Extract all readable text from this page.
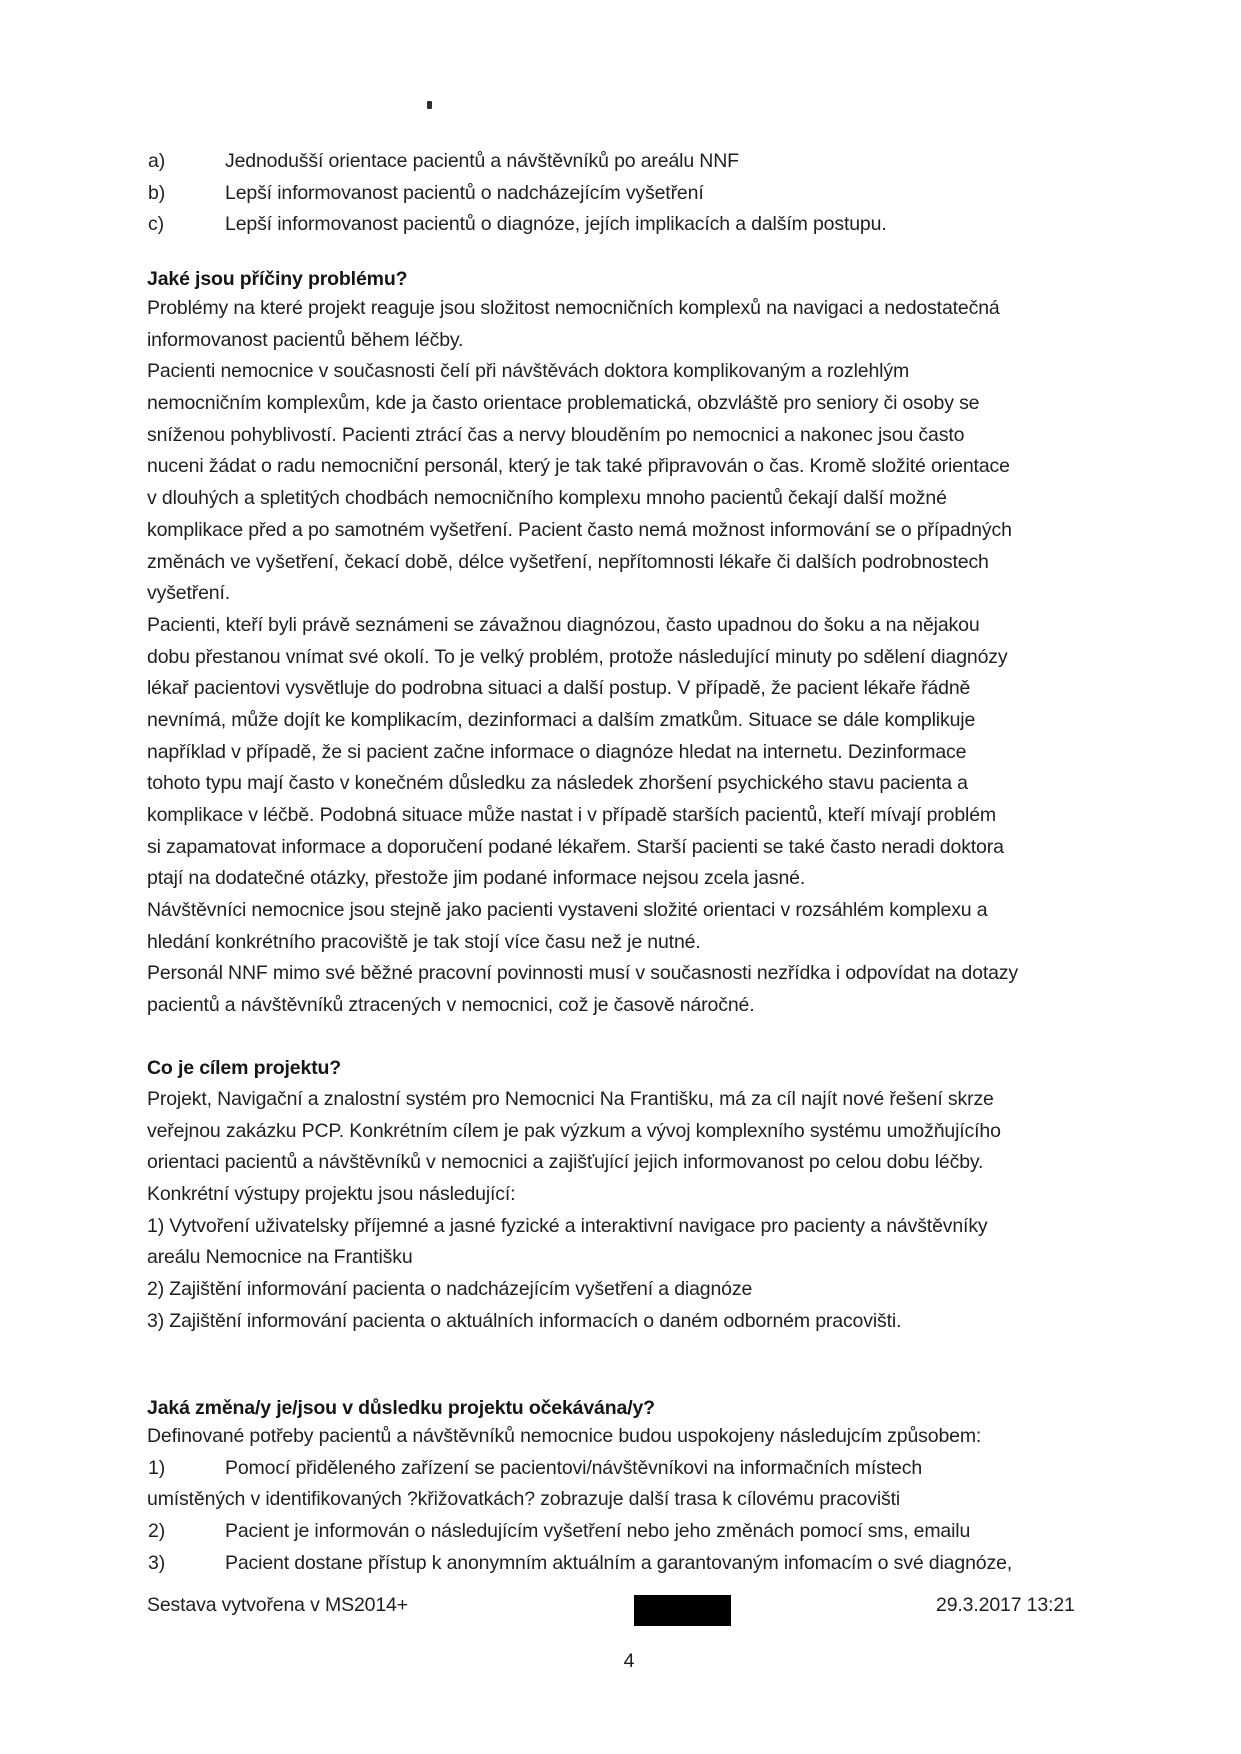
a)	Jednodušší orientace pacientů a návštěvníků po areálu NNF
b)	Lepší informovanost pacientů o nadcházejícím vyšetření
c)	Lepší informovanost pacientů o diagnóze, jejích implikacích a dalším postupu.
Jaké jsou příčiny problému?
Problémy na které projekt reaguje jsou složitost nemocničních komplexů na navigaci a nedostatečná
informovanost pacientů během léčby.
Pacienti nemocnice v současnosti čelí při návštěvách doktora komplikovaným a rozlehlým
nemocničním komplexům, kde ja často orientace problematická, obzvláště pro seniory či osoby se
sníženou pohyblivostí. Pacienti ztrácí čas a nervy blouděním po nemocnici a nakonec jsou často
nuceni žádat o radu nemocniční personál, který je tak také připravován o čas. Kromě složité orientace
v dlouhých a spletitých chodbách nemocničního komplexu mnoho pacientů čekají další možné
komplikace před a po samotném vyšetření. Pacient často nemá možnost informování se o případných
změnách ve vyšetření, čekací době, délce vyšetření, nepřítomnosti lékaře či dalších podrobnostech
vyšetření.
Pacienti, kteří byli právě seznámeni se závažnou diagnózou, často upadnou do šoku a na nějakou
dobu přestanou vnímat své okolí. To je velký problém, protože následující minuty po sdělení diagnózy
lékař pacientovi vysvětluje do podrobna situaci a další postup. V případě, že pacient lékaře řádně
nevnímá, může dojít ke komplikacím, dezinformaci a dalším zmatkům. Situace se dále komplikuje
například v případě, že si pacient začne informace o diagnóze hledat na internetu. Dezinformace
tohoto typu mají často v konečném důsledku za následek zhoršení psychického stavu pacienta a
komplikace v léčbě. Podobná situace může nastat i v případě starších pacientů, kteří mívají problém
si zapamatovat informace a doporučení podané lékařem. Starší pacienti se také často neradi doktora
ptají na dodatečné otázky, přestože jim podané informace nejsou zcela jasné.
Návštěvníci nemocnice jsou stejně jako pacienti vystaveni složité orientaci v rozsáhlém komplexu a
hledání konkrétního pracoviště je tak stojí více času než je nutné.
Personál NNF mimo své běžné pracovní povinnosti musí v současnosti nezřídka i odpovídat na dotazy
pacientů a návštěvníků ztracených v nemocnici, což je časově náročné.
Co je cílem projektu?
Projekt, Navigační a znalostní systém pro Nemocnici Na Františku, má za cíl najít nové řešení skrze
veřejnou zakázku PCP. Konkrétním cílem je pak výzkum a vývoj komplexního systému umožňujícího
orientaci pacientů a návštěvníků v nemocnici a zajišťující jejich informovanost po celou dobu léčby.
Konkrétní výstupy projektu jsou následující:
1) Vytvoření uživatelsky příjemné a jasné fyzické a interaktivní navigace pro pacienty a návštěvníky
areálu Nemocnice na Františku
2) Zajištění informování pacienta o nadcházejícím vyšetření a diagnóze
3) Zajištění informování pacienta o aktuálních informacích o daném odborném pracovišti.
Jaká změna/y je/jsou v důsledku projektu očekávána/y?
Definované potřeby pacientů a návštěvníků nemocnice budou uspokojeny následujcím způsobem:
1)	Pomocí přiděleného zařízení se pacientovi/návštěvníkovi na informačních místech
umístěných v identifikovaných ?křižovatkách? zobrazuje další trasa k cílovému pracovišti
2)	Pacient je informován o následujícím vyšetření nebo jeho změnách pomocí sms, emailu
3)	Pacient dostane přístup k anonymním aktuálním a garantovaným infomacím o své diagnóze,
Sestava vytvořena v MS2014+	29.3.2017 13:21
4
